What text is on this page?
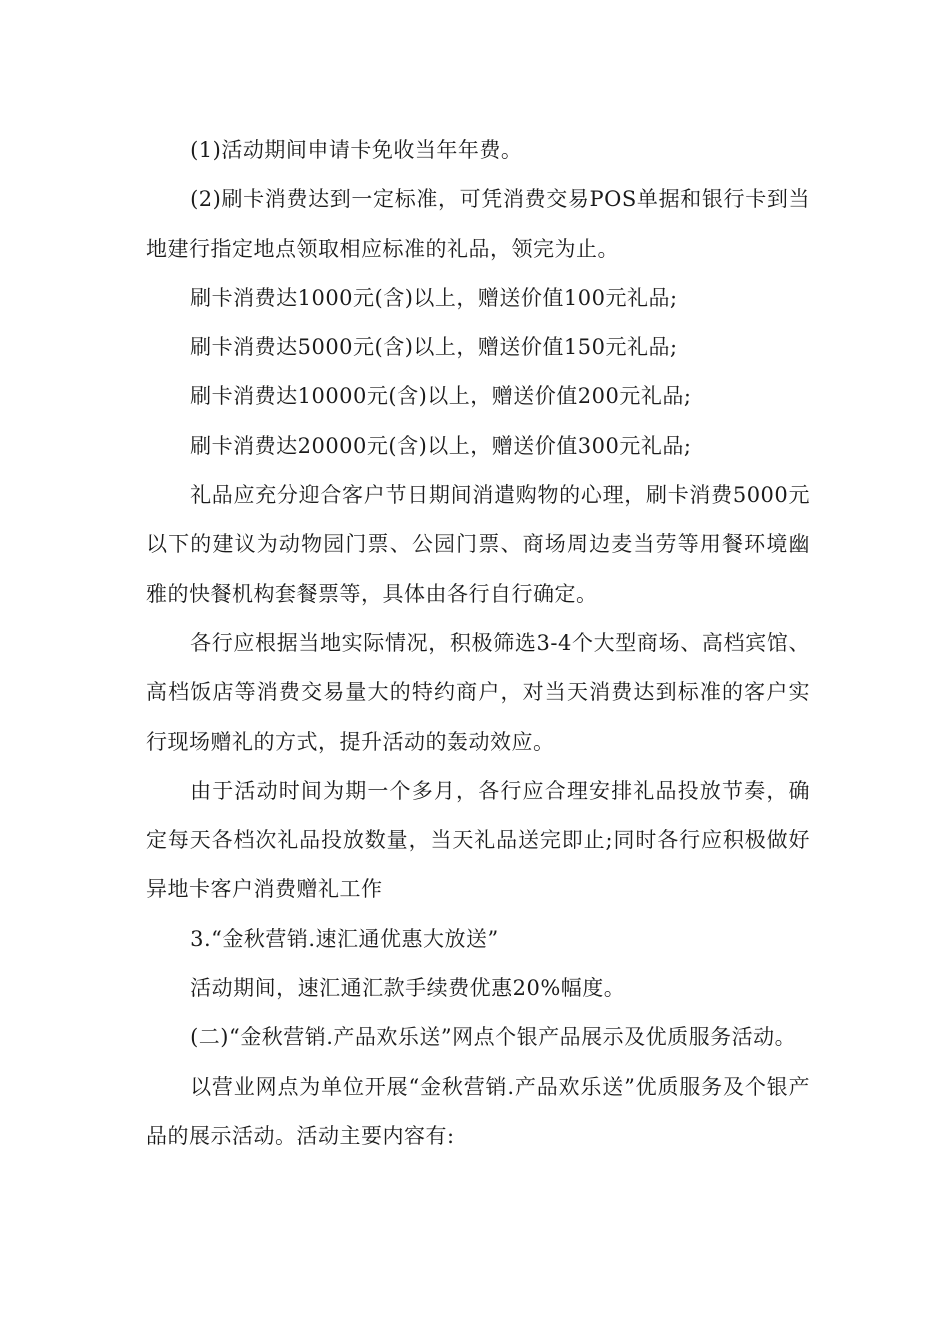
(1)活动期间申请卡免收当年年费。

(2)刷卡消费达到一定标准，可凭消费交易POS单据和银行卡到当地建行指定地点领取相应标准的礼品，领完为止。

刷卡消费达1000元(含)以上，赠送价值100元礼品;

刷卡消费达5000元(含)以上，赠送价值150元礼品;

刷卡消费达10000元(含)以上，赠送价值200元礼品;

刷卡消费达20000元(含)以上，赠送价值300元礼品;

礼品应充分迎合客户节日期间消遣购物的心理，刷卡消费5000元以下的建议为动物园门票、公园门票、商场周边麦当劳等用餐环境幽雅的快餐机构套餐票等，具体由各行自行确定。

各行应根据当地实际情况，积极筛选3-4个大型商场、高档宾馆、高档饭店等消费交易量大的特约商户，对当天消费达到标准的客户实行现场赠礼的方式，提升活动的轰动效应。

由于活动时间为期一个多月，各行应合理安排礼品投放节奏，确定每天各档次礼品投放数量，当天礼品送完即止;同时各行应积极做好异地卡客户消费赠礼工作

3.“金秋营销.速汇通优惠大放送”

活动期间，速汇通汇款手续费优惠20%幅度。

(二)“金秋营销.产品欢乐送”网点个银产品展示及优质服务活动。

以营业网点为单位开展“金秋营销.产品欢乐送”优质服务及个银产品的展示活动。活动主要内容有:
